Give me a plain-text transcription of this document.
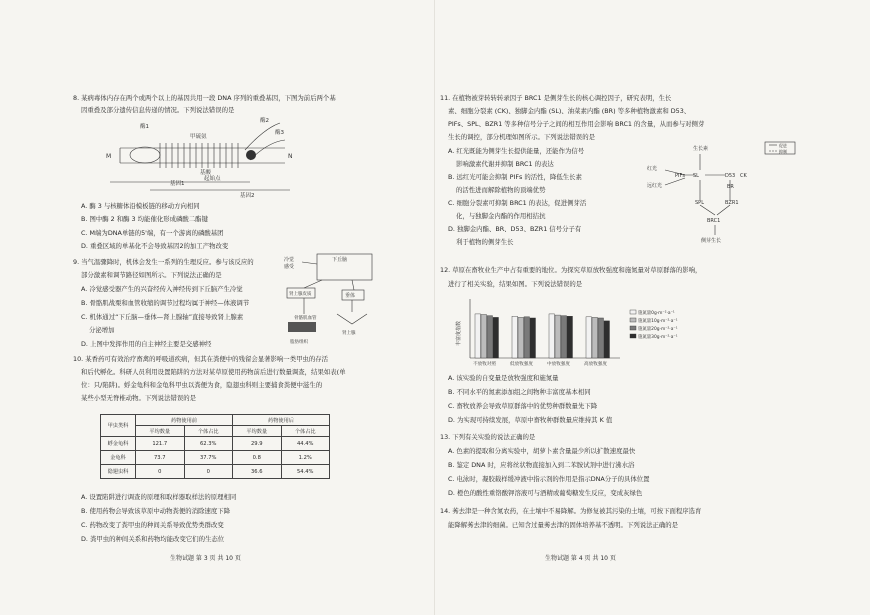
8. 某病毒体内存在两个或两个以上的基因共用一段 DNA 序列的重叠基因，下图为前后两个基
因重叠及部分遗传信息传递的情况。下列说法错误的是
M	N
酶1
酶2
酶3
甲硫氨
基酸
起始点
基因1
基因2
A. 酶 3 与核糖体沿模板链的移动方向相同
B. 图中酶 2 和酶 3 均能催化形成磷酸二酯键
C. M端为DNA单链的5'端，有一个游离的磷酸基团
D. 重叠区域的单基化不会导致基因2的加工产物改变
9. 当气温骤降时，机体会发生一系列的生理反应。参与该反应的
部分激素和调节路径如图所示。下列说法正确的是
A. 冷觉感受器产生的兴奋经传入神经传到下丘脑产生冷觉
B. 骨骼肌战栗和血管收缩的调节过程均属于神经—体液调节
C. 机体通过“下丘脑—垂体—肾上腺轴”直接导致肾上腺素
分泌增加
D. 上图中发挥作用的自主神经主要是交感神经
下丘脑
冷觉
感受
肾上腺皮质	垂体
骨骼肌血管
脂肪组织
肾上腺
10. 某香药可有效治疗畜禽的呼吸道疾病，但其在粪便中的残留会显著影响一类甲虫的存活
和后代孵化。科研人员利用设置陷阱的方法对某草原使用药物前后进行数量调查，结果如表(单
位：只/陷阱)。蜉金龟科和金龟科甲虫以粪便为食，隐翅虫科则主要捕食粪便中滋生的
某些小型无脊椎动物。下列说法错误的是
甲虫类科	药物使用前		药物使用后	
	平均数量	个体占比	平均数量	个体占比
蜉金龟科	121.7	62.3%	29.9	44.4%
金龟科	73.7	37.7%	0.8	1.2%
隐翅虫科	0	0	36.6	54.4%
A. 设置陷阱进行调查的原理和取样器取样法的原理相同
B. 使用药物会导致该草原中动物粪便的消除速度下降
C. 药物改变了粪甲虫的种间关系导致优势类群改变
D. 粪甲虫的种间关系和药物均能改变它们的生态位
生物试题 第 3 页 共 10 页
11. 在植物被芽转转转录因子 BRC1 是侧芽生长的核心调控因子，研究表明，生长
素、细胞分裂素 (CK)、独脚金内酯 (SL)、油菜素内酯 (BR) 等多种植物激素和 D53、
PIFs、SPL、BZR1 等多种信号分子之间的相互作用会影响 BRC1 的含量，从而参与对侧芽
生长的调控，部分机理如图所示。下列说法错误的是
A. 红光既能为侧芽生长提供能量，还能作为信号
影响激素代谢并抑制 BRC1 的表达
B. 远红光可能会抑制 PIFs 的活性，降低生长素
的活性进而解除植物的顶端优势
C. 细胞分裂素可抑制 BRC1 的表达，促进侧芽活
化，与独脚金内酯的作用相拮抗
D. 独脚金内酯、BR、D53、BZR1 信号分子有
利于植物的侧芽生长
生长素
红光
远红光
PIFs SL	CK
D53
SPL	BZR1
BR
BRC1
侧芽生长
促进
抑制
12. 草原在畜牧业生产中占有重要的地位。为探究草原放牧强度和施氮量对草原群落的影响，
进行了相关实验，结果如图。下列说法错误的是
丰富度指数
不放牧对照	低放牧强度	中放牧强度	高放牧强度
施氮量0g·m⁻²·a⁻¹
施氮量10g·m⁻²·a⁻¹
施氮量20g·m⁻²·a⁻¹
施氮量30g·m⁻²·a⁻¹
A. 该实验的自变量是放牧强度和施氮量
B. 不同水平的氮素添加组之间物种丰富度基本相同
C. 畜牧放养会导致草原群落中的优势种群数量先下降
D. 为实现可持续发展，草原中畜牧种群数量应维持其 K 值
13. 下列有关实验的说法正确的是
A. 色素的提取和分离实验中，胡萝卜素含量最少所以扩散速度最快
B. 鉴定 DNA 时，应将丝状物直接加入到二苯胺试剂中进行沸水浴
C. 电泳时，凝胶载样缓冲液中指示剂的作用是指示DNA分子的具体位置
D. 橙色的酸性重铬酸钾溶液可与酒精或葡萄糖发生反应，变成灰绿色
14. 莠去津是一种含氮农药，在土壤中不易降解。为修复被其污染的土壤，可按下面程序选育
能降解莠去津的细菌。已知含过量莠去津的固体培养基不透明。下列说法正确的是
生物试题 第 4 页 共 10 页
